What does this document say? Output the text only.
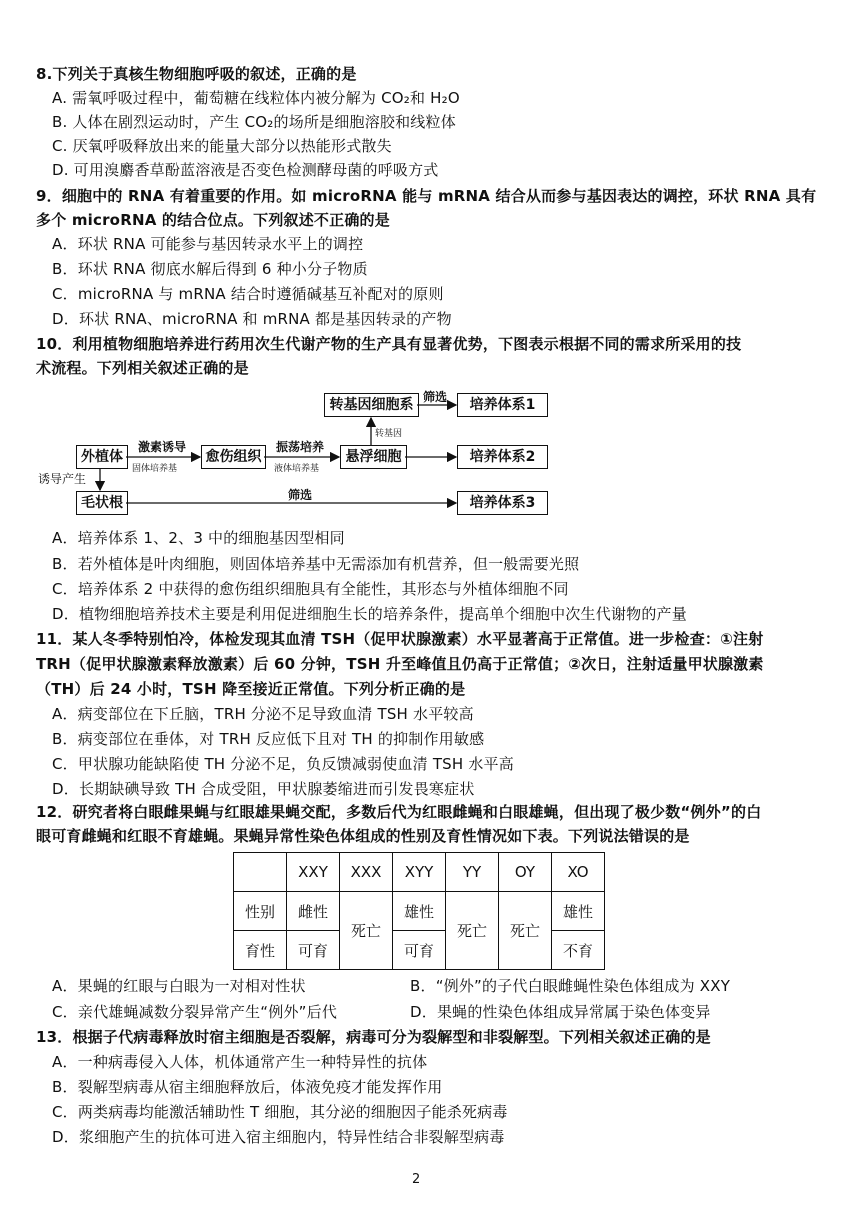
8.下列关于真核生物细胞呼吸的叙述，正确的是
A. 需氧呼吸过程中，葡萄糖在线粒体内被分解为 CO₂和 H₂O
B. 人体在剧烈运动时，产生 CO₂的场所是细胞溶胶和线粒体
C. 厌氧呼吸释放出来的能量大部分以热能形式散失
D. 可用溴麝香草酚蓝溶液是否变色检测酵母菌的呼吸方式
9．细胞中的 RNA 有着重要的作用。如 microRNA 能与 mRNA 结合从而参与基因表达的调控，环状 RNA 具有
多个 microRNA 的结合位点。下列叙述不正确的是
A．环状 RNA 可能参与基因转录水平上的调控
B．环状 RNA 彻底水解后得到 6 种小分子物质
C．microRNA 与 mRNA 结合时遵循碱基互补配对的原则
D．环状 RNA、microRNA 和 mRNA 都是基因转录的产物
10．利用植物细胞培养进行药用次生代谢产物的生产具有显著优势，下图表示根据不同的需求所采用的技
术流程。下列相关叙述正确的是
外植体	愈伤组织	悬浮细胞
转基因细胞系
毛状根
培养体系1
培养体系2
培养体系3
激素诱导
固体培养基
振荡培养
液体培养基
转基因
筛选
筛选
诱导产生
A．培养体系 1、2、3 中的细胞基因型相同
B．若外植体是叶肉细胞，则固体培养基中无需添加有机营养，但一般需要光照
C．培养体系 2 中获得的愈伤组织细胞具有全能性，其形态与外植体细胞不同
D．植物细胞培养技术主要是利用促进细胞生长的培养条件，提高单个细胞中次生代谢物的产量
11．某人冬季特别怕冷，体检发现其血清 TSH（促甲状腺激素）水平显著高于正常值。进一步检查：①注射
TRH（促甲状腺激素释放激素）后 60 分钟，TSH 升至峰值且仍高于正常值；②次日，注射适量甲状腺激素
（TH）后 24 小时，TSH 降至接近正常值。下列分析正确的是
A．病变部位在下丘脑，TRH 分泌不足导致血清 TSH 水平较高
B．病变部位在垂体，对 TRH 反应低下且对 TH 的抑制作用敏感
C．甲状腺功能缺陷使 TH 分泌不足，负反馈减弱使血清 TSH 水平高
D．长期缺碘导致 TH 合成受阻，甲状腺萎缩进而引发畏寒症状
12．研究者将白眼雌果蝇与红眼雄果蝇交配，多数后代为红眼雌蝇和白眼雄蝇，但出现了极少数“例外”的白
眼可育雌蝇和红眼不育雄蝇。果蝇异常性染色体组成的性别及育性情况如下表。下列说法错误的是
	XXY	XXX	XYY	YY	OY	XO
性别	雌性	死亡	雄性	死亡	死亡	雄性
育性	可育		可育			不育
A．果蝇的红眼与白眼为一对相对性状	B．“例外”的子代白眼雌蝇性染色体组成为 XXY
C．亲代雄蝇减数分裂异常产生“例外”后代	D．果蝇的性染色体组成异常属于染色体变异
13．根据子代病毒释放时宿主细胞是否裂解，病毒可分为裂解型和非裂解型。下列相关叙述正确的是
A．一种病毒侵入人体，机体通常产生一种特异性的抗体
B．裂解型病毒从宿主细胞释放后，体液免疫才能发挥作用
C．两类病毒均能激活辅助性 T 细胞，其分泌的细胞因子能杀死病毒
D．浆细胞产生的抗体可进入宿主细胞内，特异性结合非裂解型病毒
2
